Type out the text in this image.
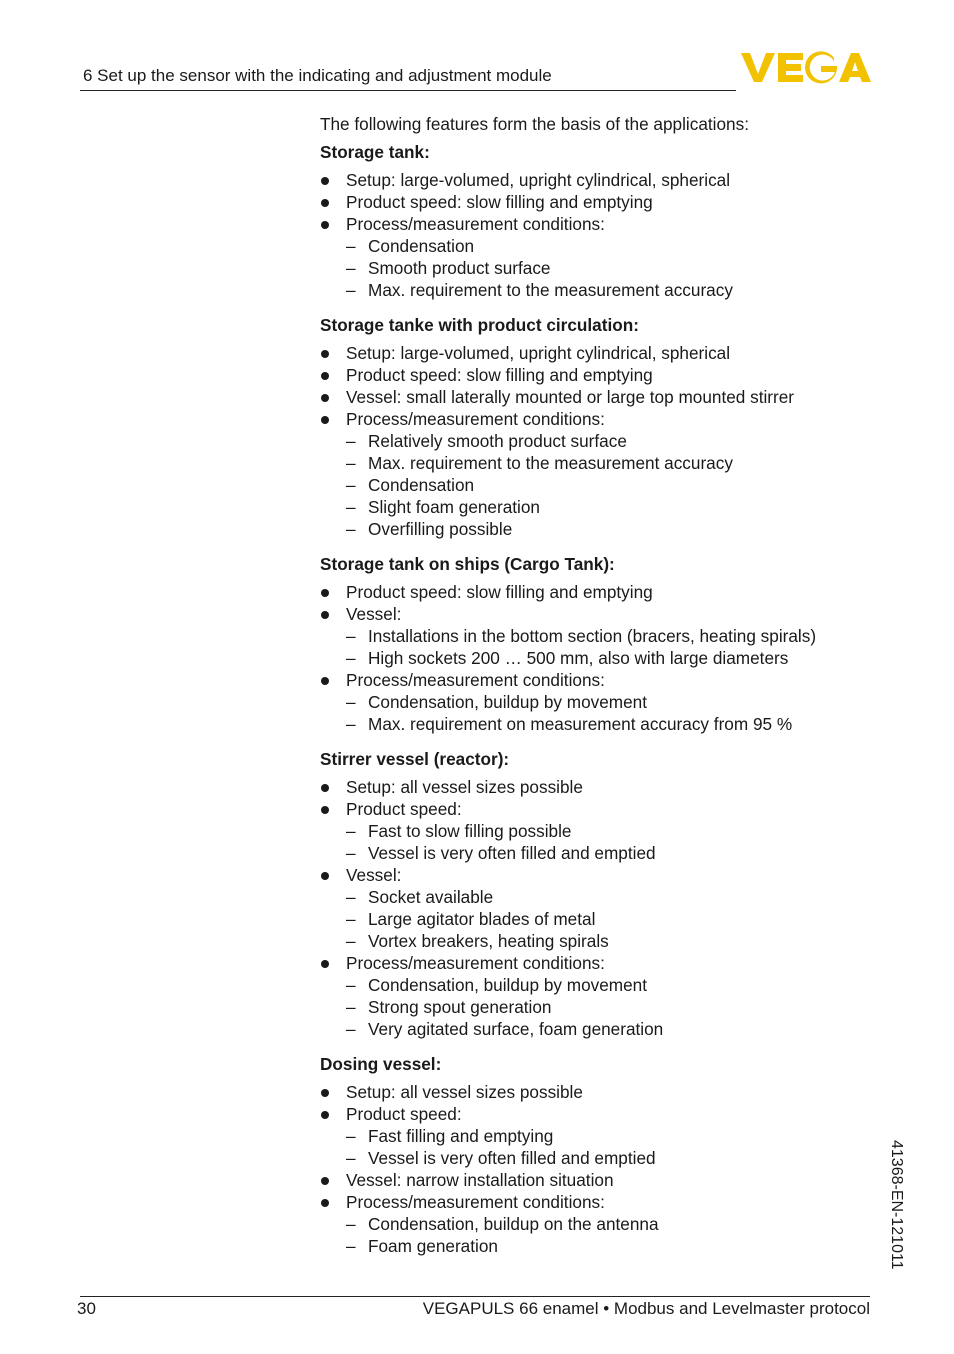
6 Set up the sensor with the indicating and adjustment module

The following features form the basis of the applications:

Storage tank:

Setup: large-volumed, upright cylindrical, spherical
Product speed: slow filling and emptying
Process/measurement conditions:
– Condensation
– Smooth product surface
– Max. requirement to the measurement accuracy

Storage tanke with product circulation:

Setup: large-volumed, upright cylindrical, spherical
Product speed: slow filling and emptying
Vessel: small laterally mounted or large top mounted stirrer
Process/measurement conditions:
– Relatively smooth product surface
– Max. requirement to the measurement accuracy
– Condensation
– Slight foam generation
– Overfilling possible

Storage tank on ships (Cargo Tank):

Product speed: slow filling and emptying
Vessel:
– Installations in the bottom section (bracers, heating spirals)
– High sockets 200 … 500 mm, also with large diameters
Process/measurement conditions:
– Condensation, buildup by movement
– Max. requirement on measurement accuracy from 95 %

Stirrer vessel (reactor):

Setup: all vessel sizes possible
Product speed:
– Fast to slow filling possible
– Vessel is very often filled and emptied
Vessel:
– Socket available
– Large agitator blades of metal
– Vortex breakers, heating spirals
Process/measurement conditions:
– Condensation, buildup by movement
– Strong spout generation
– Very agitated surface, foam generation

Dosing vessel:

Setup: all vessel sizes possible
Product speed:
– Fast filling and emptying
– Vessel is very often filled and emptied
Vessel: narrow installation situation
Process/measurement conditions:
– Condensation, buildup on the antenna
– Foam generation	41368-EN-121011
30	VEGAPULS 66 enamel • Modbus and Levelmaster protocol
